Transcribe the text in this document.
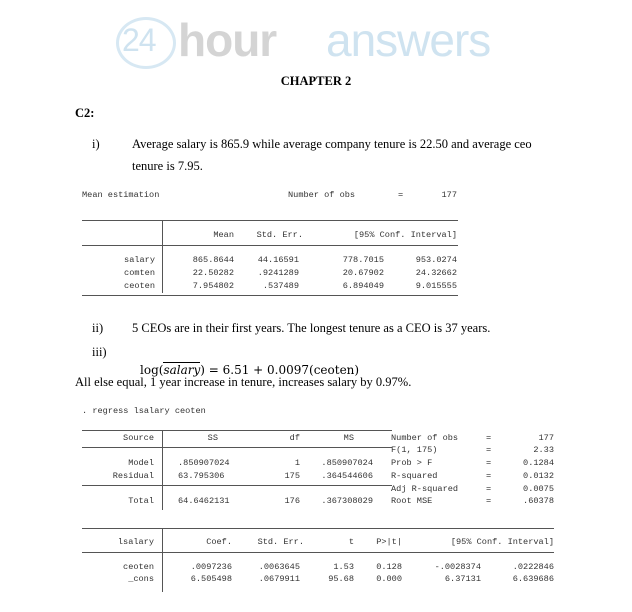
24 hour answers
CHAPTER 2
C2:
i)	Average salary is 865.9 while average company tenure is 22.50 and average ceo
tenure is 7.95.
Mean estimation	Number of obs	=	177
Mean	Std. Err.	[95% Conf. Interval]
salary	865.8644	44.16591	778.7015	953.0274
comten	22.50282	.9241289	20.67902	24.32662
ceoten	7.954802	.537489	6.894049	9.015555
ii) 5 CEOs are in their first years. The longest tenure as a CEO is 37 years.
iii)

log(salary) = 6.51 + 0.0097(ceoten)

All else equal, 1 year increase in tenure, increases salary by 0.97%.
. regress lsalary ceoten
Source	SS	df	MS
Model	.850907024	1	.850907024
Residual	63.795306	175	.364544606
Total	64.6462131	176	.367308029
Number of obs	=	177
F(1, 175)	=	2.33
Prob > F	=	0.1284
R-squared	=	0.0132
Adj R-squared	=	0.0075
Root MSE	=	.60378
lsalary	Coef.	Std. Err.	t	P>|t|	[95% Conf. Interval]
ceoten	.0097236	.0063645	1.53	0.128	-.0028374	.0222846
_cons	6.505498	.0679911	95.68	0.000	6.37131	6.639686
